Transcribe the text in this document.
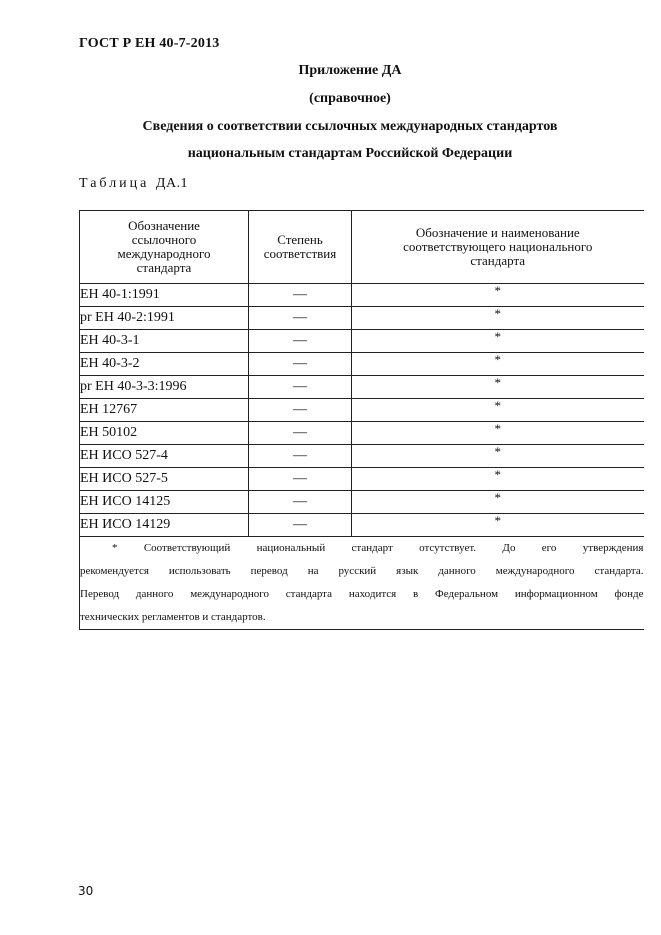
ГОСТ Р ЕН 40-7-2013
Приложение ДА
(справочное)
Сведения о соответствии ссылочных международных стандартов
национальным стандартам Российской Федерации
Таблица ДА.1
Обозначение ссылочного международного стандарта	Степень соответствия	Обозначение и наименование соответствующего национального стандарта
ЕН 40-1:1991	—	*
pr ЕН 40-2:1991	—	*
ЕН 40-3-1	—	*
ЕН 40-3-2	—	*
pr ЕН 40-3-3:1996	—	*
ЕН 12767	—	*
ЕН 50102	—	*
ЕН ИСО 527-4	—	*
ЕН ИСО 527-5	—	*
ЕН ИСО 14125	—	*
ЕН ИСО 14129	—	*

* Соответствующий национальный стандарт отсутствует. До его утверждения
рекомендуется использовать перевод на русский язык данного международного стандарта.
Перевод данного международного стандарта находится в Федеральном информационном фонде
технических регламентов и стандартов.		
30
